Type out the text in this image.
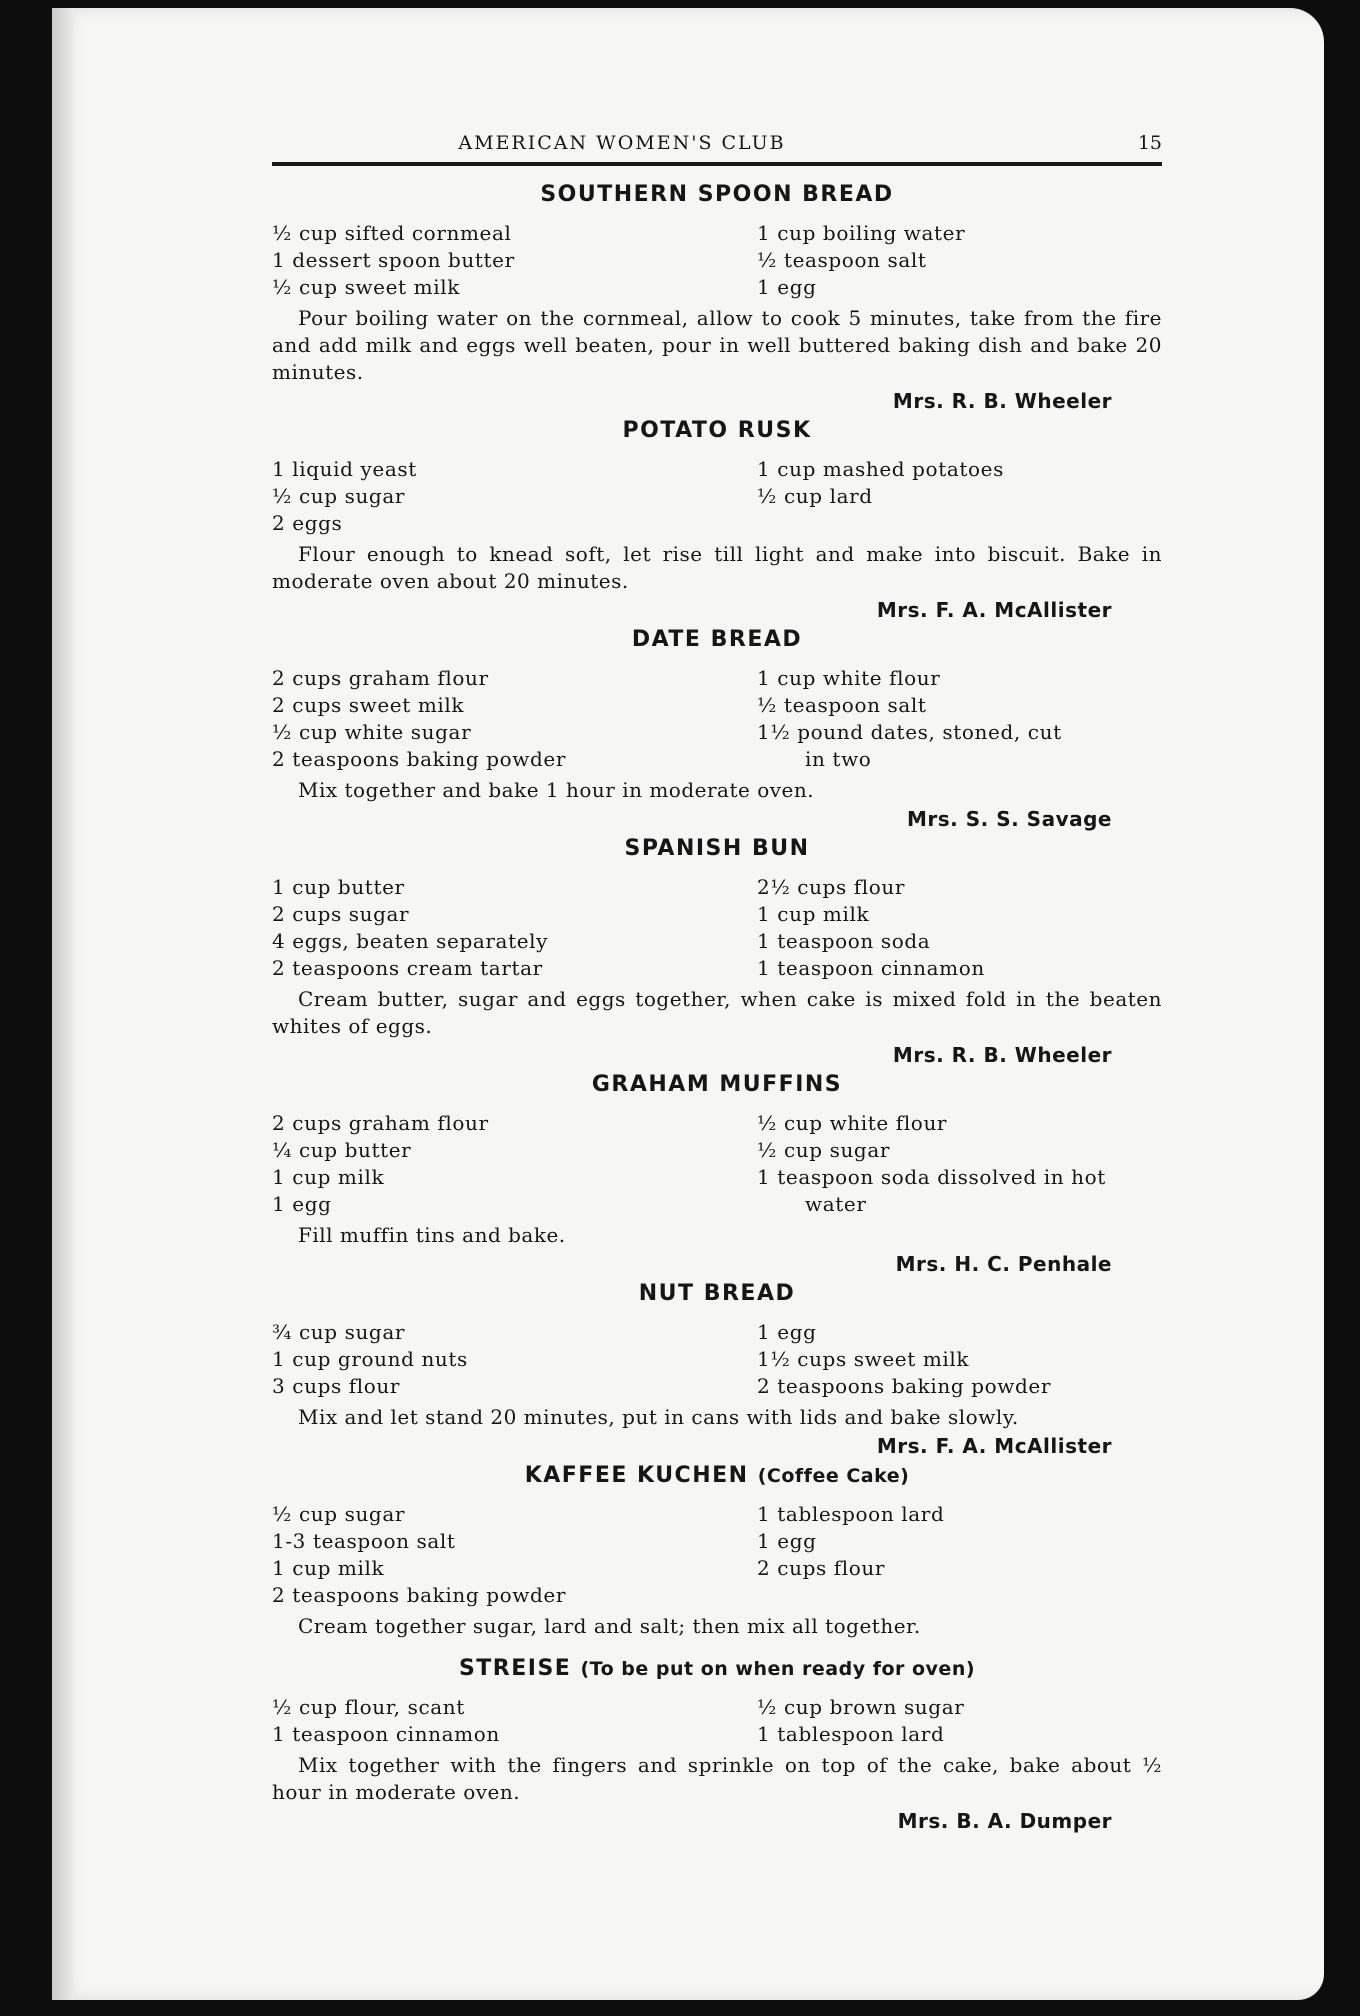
AMERICAN WOMEN'S CLUB	15
SOUTHERN SPOON BREAD
½ cup sifted cornmeal
1 dessert spoon butter
½ cup sweet milk
1 cup boiling water
½ teaspoon salt
1 egg

Pour boiling water on the cornmeal, allow to cook 5 minutes, take from the fire and add milk and eggs well beaten, pour in well buttered baking dish and bake 20 minutes.

Mrs. R. B. Wheeler
POTATO RUSK
1 liquid yeast
½ cup sugar
2 eggs
1 cup mashed potatoes
½ cup lard

Flour enough to knead soft, let rise till light and make into biscuit. Bake in moderate oven about 20 minutes.

Mrs. F. A. McAllister
DATE BREAD
2 cups graham flour
2 cups sweet milk
½ cup white sugar
2 teaspoons baking powder
1 cup white flour
½ teaspoon salt
1½ pound dates, stoned, cut
in two

Mix together and bake 1 hour in moderate oven.

Mrs. S. S. Savage
SPANISH BUN
1 cup butter
2 cups sugar
4 eggs, beaten separately
2 teaspoons cream tartar
2½ cups flour
1 cup milk
1 teaspoon soda
1 teaspoon cinnamon

Cream butter, sugar and eggs together, when cake is mixed fold in the beaten whites of eggs.

Mrs. R. B. Wheeler
GRAHAM MUFFINS
2 cups graham flour
¼ cup butter
1 cup milk
1 egg
½ cup white flour
½ cup sugar
1 teaspoon soda dissolved in hot
water

Fill muffin tins and bake.

Mrs. H. C. Penhale
NUT BREAD
¾ cup sugar
1 cup ground nuts
3 cups flour
1 egg
1½ cups sweet milk
2 teaspoons baking powder

Mix and let stand 20 minutes, put in cans with lids and bake slowly.

Mrs. F. A. McAllister
KAFFEE KUCHEN (Coffee Cake)
½ cup sugar
1-3 teaspoon salt
1 cup milk
2 teaspoons baking powder
1 tablespoon lard
1 egg
2 cups flour

Cream together sugar, lard and salt; then mix all together.

STREISE (To be put on when ready for oven)
½ cup flour, scant
1 teaspoon cinnamon
½ cup brown sugar
1 tablespoon lard

Mix together with the fingers and sprinkle on top of the cake, bake about ½ hour in moderate oven.

Mrs. B. A. Dumper
